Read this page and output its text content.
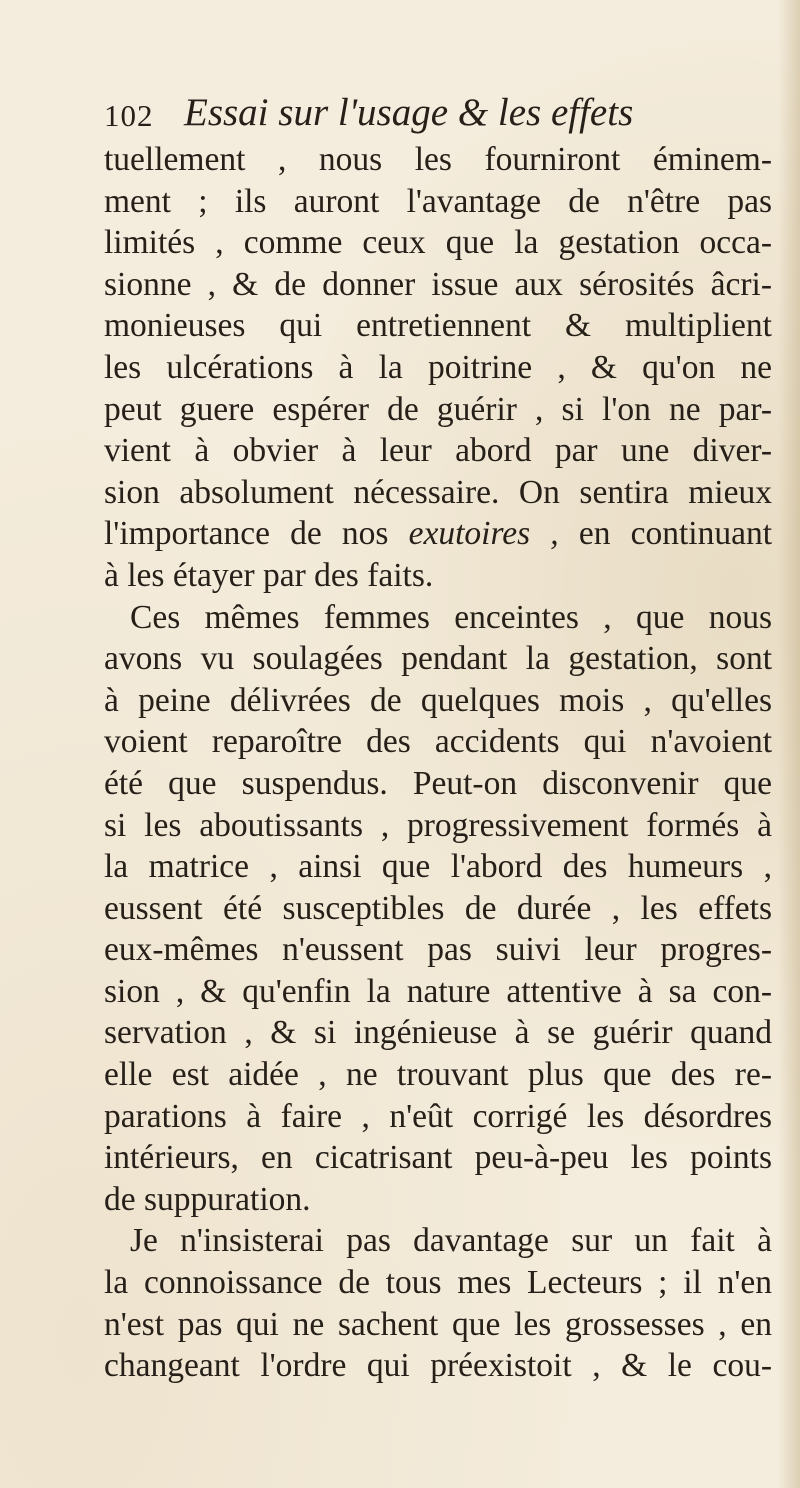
102 Essai sur l'usage & les effets
tuellement , nous les fourniront éminem-
ment ; ils auront l'avantage de n'être pas
limités , comme ceux que la gestation occa-
sionne , & de donner issue aux sérosités âcri-
monieuses qui entretiennent & multiplient
les ulcérations à la poitrine , & qu'on ne
peut guere espérer de guérir , si l'on ne par-
vient à obvier à leur abord par une diver-
sion absolument nécessaire. On sentira mieux
l'importance de nos exutoires , en continuant
à les étayer par des faits.
Ces mêmes femmes enceintes , que nous
avons vu soulagées pendant la gestation, sont
à peine délivrées de quelques mois , qu'elles
voient reparoître des accidents qui n'avoient
été que suspendus. Peut-on disconvenir que
si les aboutissants , progressivement formés à
la matrice , ainsi que l'abord des humeurs ,
eussent été susceptibles de durée , les effets
eux-mêmes n'eussent pas suivi leur progres-
sion , & qu'enfin la nature attentive à sa con-
servation , & si ingénieuse à se guérir quand
elle est aidée , ne trouvant plus que des re-
parations à faire , n'eût corrigé les désordres
intérieurs, en cicatrisant peu-à-peu les points
de suppuration.
Je n'insisterai pas davantage sur un fait à
la connoissance de tous mes Lecteurs ; il n'en
n'est pas qui ne sachent que les grossesses , en
changeant l'ordre qui préexistoit , & le cou-
